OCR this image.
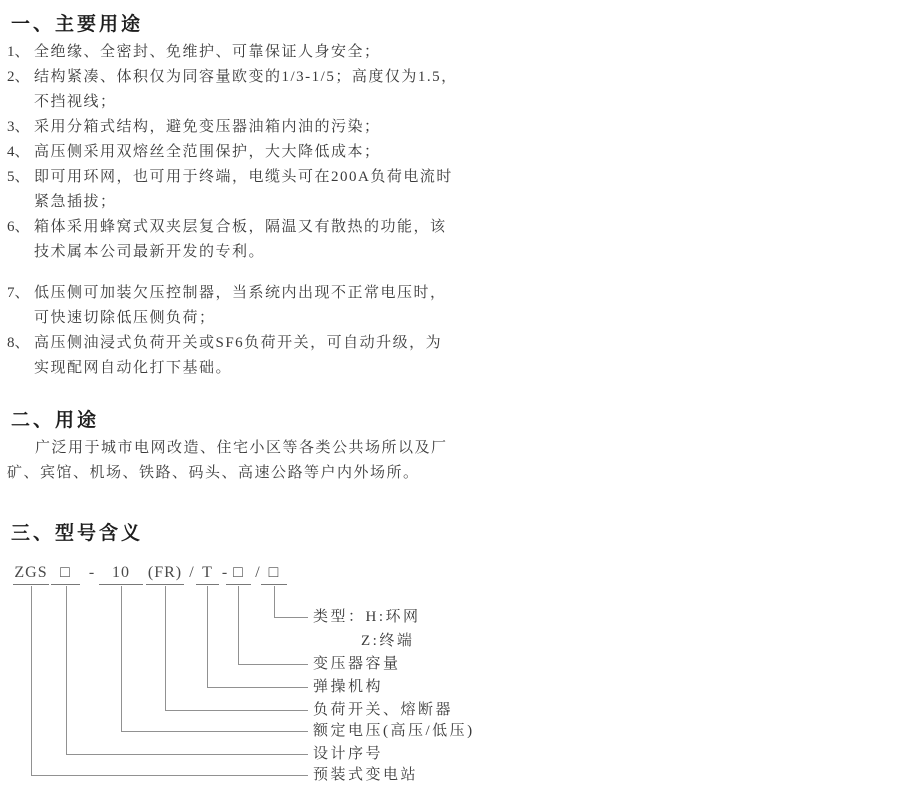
一、主要用途
1、 全绝缘、全密封、免维护、可靠保证人身安全；
2、 结构紧凑、体积仅为同容量欧变的1/3-1/5；高度仅为1.5，
不挡视线；
3、 采用分箱式结构，避免变压器油箱内油的污染；
4、 高压侧采用双熔丝全范围保护，大大降低成本；
5、 即可用环网，也可用于终端，电缆头可在200A负荷电流时
紧急插拔；
6、 箱体采用蜂窝式双夹层复合板，隔温又有散热的功能，该
技术属本公司最新开发的专利。
7、 低压侧可加装欠压控制器，当系统内出现不正常电压时，
可快速切除低压侧负荷；
8、 高压侧油浸式负荷开关或SF6负荷开关，可自动升级，为
实现配网自动化打下基础。
二、用途
广泛用于城市电网改造、住宅小区等各类公共场所以及厂
矿、宾馆、机场、铁路、码头、高速公路等户内外场所。
三、型号含义
ZGS □	-	10	(FR) / T - □ / □
类型：H:环网
Z:终端
变压器容量
弹操机构
负荷开关、熔断器
额定电压(高压/低压)
设计序号
预装式变电站
